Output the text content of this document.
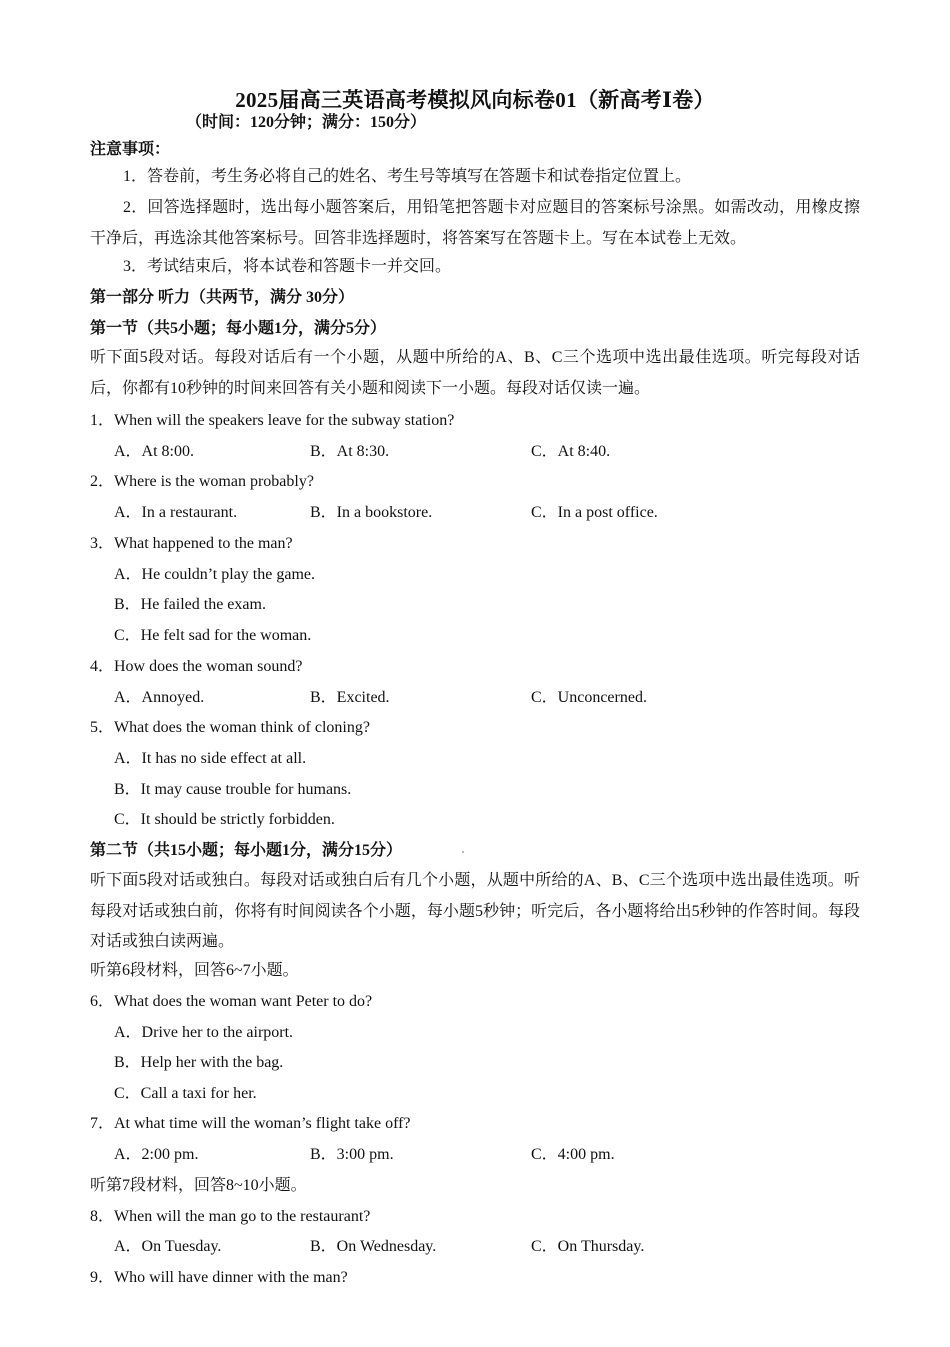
2025届高三英语高考模拟风向标卷01（新高考Ⅰ卷）
（时间：120分钟；满分：150分）
注意事项：
1．答卷前，考生务必将自己的姓名、考生号等填写在答题卡和试卷指定位置上。
2．回答选择题时，选出每小题答案后，用铅笔把答题卡对应题目的答案标号涂黑。如需改动，用橡皮擦干净后，再选涂其他答案标号。回答非选择题时，将答案写在答题卡上。写在本试卷上无效。
3．考试结束后，将本试卷和答题卡一并交回。
第一部分 听力（共两节，满分 30分）
第一节（共5小题；每小题1分，满分5分）
听下面5段对话。每段对话后有一个小题，从题中所给的A、B、C三个选项中选出最佳选项。听完每段对话后，你都有10秒钟的时间来回答有关小题和阅读下一小题。每段对话仅读一遍。
1．When will the speakers leave for the subway station?
A．At 8:00.	B．At 8:30.	C．At 8:40.
2．Where is the woman probably?
A．In a restaurant.	B．In a bookstore.	C．In a post office.
3．What happened to the man?
A．He couldn’t play the game.
B．He failed the exam.
C．He felt sad for the woman.
4．How does the woman sound?
A．Annoyed.	B．Excited.	C．Unconcerned.
5．What does the woman think of cloning?
A．It has no side effect at all.
B．It may cause trouble for humans.
C．It should be strictly forbidden.
第二节（共15小题；每小题1分，满分15分）
听下面5段对话或独白。每段对话或独白后有几个小题，从题中所给的A、B、C三个选项中选出最佳选项。听每段对话或独白前，你将有时间阅读各个小题，每小题5秒钟；听完后，各小题将给出5秒钟的作答时间。每段对话或独白读两遍。
听第6段材料，回答6~7小题。
6．What does the woman want Peter to do?
A．Drive her to the airport.
B．Help her with the bag.
C．Call a taxi for her.
7．At what time will the woman’s flight take off?
A．2:00 pm.	B．3:00 pm.	C．4:00 pm.
听第7段材料，回答8~10小题。
8．When will the man go to the restaurant?
A．On Tuesday.	B．On Wednesday.	C．On Thursday.
9．Who will have dinner with the man?
